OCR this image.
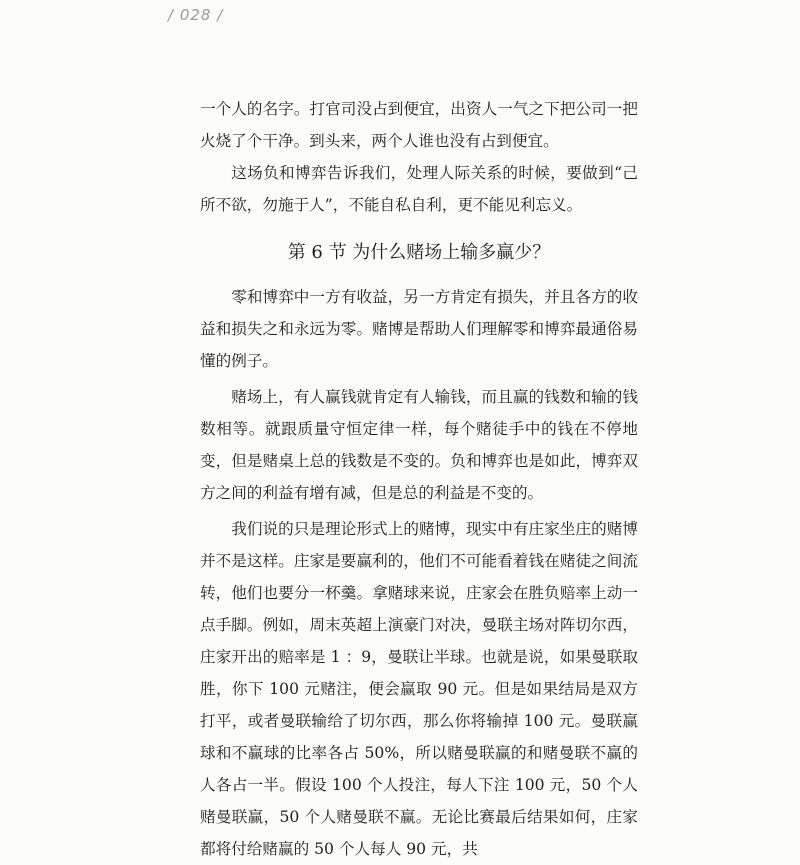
/ 028 /

一个人的名字。打官司没占到便宜，出资人一气之下把公司一把火烧了个干净。到头来，两个人谁也没有占到便宜。

这场负和博弈告诉我们，处理人际关系的时候，要做到“己所不欲，勿施于人”，不能自私自利，更不能见利忘义。

第 6 节 为什么赌场上输多赢少？

零和博弈中一方有收益，另一方肯定有损失，并且各方的收益和损失之和永远为零。赌博是帮助人们理解零和博弈最通俗易懂的例子。

赌场上，有人赢钱就肯定有人输钱，而且赢的钱数和输的钱数相等。就跟质量守恒定律一样，每个赌徒手中的钱在不停地变，但是赌桌上总的钱数是不变的。负和博弈也是如此，博弈双方之间的利益有增有减，但是总的利益是不变的。

我们说的只是理论形式上的赌博，现实中有庄家坐庄的赌博并不是这样。庄家是要赢利的，他们不可能看着钱在赌徒之间流转，他们也要分一杯羹。拿赌球来说，庄家会在胜负赔率上动一点手脚。例如，周末英超上演豪门对决，曼联主场对阵切尔西，庄家开出的赔率是 1 ：9，曼联让半球。也就是说，如果曼联取胜，你下 100 元赌注，便会赢取 90 元。但是如果结局是双方打平，或者曼联输给了切尔西，那么你将输掉 100 元。曼联赢球和不赢球的比率各占 50%，所以赌曼联赢的和赌曼联不赢的人各占一半。假设 100 个人投注，每人下注 100 元，50 个人赌曼联赢，50 个人赌曼联不赢。无论比赛最后结果如何，庄家都将付给赌赢的 50 个人每人 90 元，共
